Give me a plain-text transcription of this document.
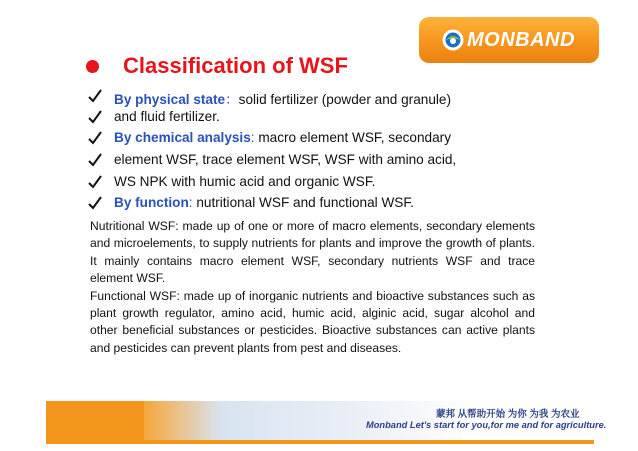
MONBAND	®
Classification of WSF
By physical state：solid fertilizer (powder and granule)
and fluid fertilizer.
By chemical analysis: macro element WSF, secondary
element WSF, trace element WSF, WSF with amino acid,
WS NPK with humic acid and organic WSF.
By function: nutritional WSF and functional WSF.

Nutritional WSF: made up of one or more of macro elements, secondary elements and microelements, to supply nutrients for plants and improve the growth of plants. It mainly contains macro element WSF, secondary nutrients WSF and trace element WSF.

Functional WSF: made up of inorganic nutrients and bioactive substances such as plant growth regulator, amino acid, humic acid, alginic acid, sugar alcohol and other beneficial substances or pesticides. Bioactive substances can active plants and pesticides can prevent plants from pest and diseases.

蒙邦 从帮助开始 为你 为我 为农业
Monband Let's start for you,for me and for agriculture.
